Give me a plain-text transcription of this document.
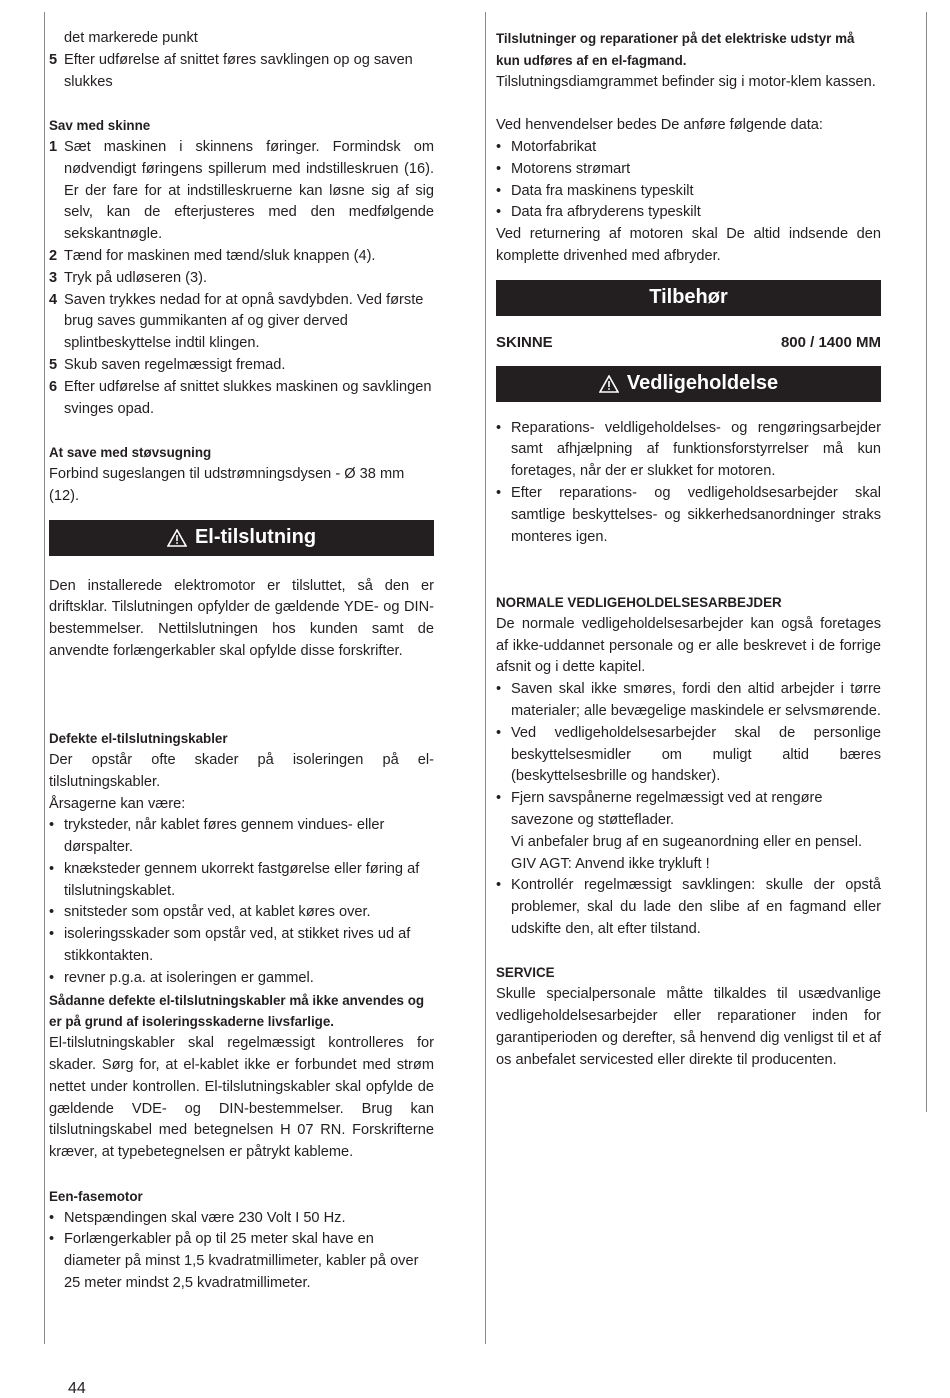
det markerede punkt

5 Efter udførelse af snittet føres savklingen op og saven slukkes

Sav med skinne

1 Sæt maskinen i skinnens føringer. Formindsk om nødvendigt føringens spillerum med indstilleskruen (16). Er der fare for at indstilleskruerne kan løsne sig af sig selv, kan de efterjusteres med den medfølgende sekskantnøgle.
2 Tænd for maskinen med tænd/sluk knappen (4).
3 Tryk på udløseren (3).
4 Saven trykkes nedad for at opnå savdybden. Ved første brug saves gummikanten af og giver derved splintbeskyttelse indtil klingen.
5 Skub saven regelmæssigt fremad.
6 Efter udførelse af snittet slukkes maskinen og savklingen svinges opad.

At save med støvsugning

Forbind sugeslangen til udstrømningsdysen - Ø 38 mm (12).

El-tilslutning

Den installerede elektromotor er tilsluttet, så den er driftsklar. Tilslutningen opfylder de gældende YDE- og DIN-bestemmelser. Nettilslutningen hos kunden samt de anvendte forlængerkabler skal opfylde disse forskrifter.

Defekte el-tilslutningskabler

Der opstår ofte skader på isoleringen på el-tilslutningskabler.

Årsagerne kan være:

• tryksteder, når kablet føres gennem vindues- eller dørspalter.
• knæksteder gennem ukorrekt fastgørelse eller føring af tilslutningskablet.
• snitsteder som opstår ved, at kablet køres over.
• isoleringsskader som opstår ved, at stikket rives ud af stikkontakten.
• revner p.g.a. at isoleringen er gammel.

Sådanne defekte el-tilslutningskabler må ikke anvendes og er på grund af isoleringsskaderne livsfarlige.

El-tilslutningskabler skal regelmæssigt kontrolleres for skader. Sørg for, at el-kablet ikke er forbundet med strøm nettet under kontrollen. El-tilslutningskabler skal opfylde de gældende VDE- og DIN-bestemmelser. Brug kan tilslutningskabel med betegnelsen H 07 RN. Forskrifterne kræver, at typebetegnelsen er påtrykt kableme.

Een-fasemotor

• Netspændingen skal være 230 Volt I 50 Hz.
• Forlængerkabler på op til 25 meter skal have en diameter på minst 1,5 kvadratmillimeter, kabler på over 25 meter mindst 2,5 kvadratmillimeter.

Tilslutninger og reparationer på det elektriske udstyr må kun udføres af en el-fagmand.

Tilslutningsdiamgrammet befinder sig i motor-klem kassen.

Ved henvendelser bedes De anføre følgende data:

• Motorfabrikat
• Motorens strømart
• Data fra maskinens typeskilt
• Data fra afbryderens typeskilt

Ved returnering af motoren skal De altid indsende den komplette drivenhed med afbryder.

Tilbehør
SKINNE	800 / 1400 MM
Vedligeholdelse
• Reparations- veldligeholdelses- og rengøringsarbejder samt afhjælpning af funktionsforstyrrelser må kun foretages, når der er slukket for motoren.
• Efter reparations- og vedligeholdsesarbejder skal samtlige beskyttelses- og sikkerhedsanordninger straks monteres igen.

NORMALE VEDLIGEHOLDELSESARBEJDER

De normale vedligeholdelsesarbejder kan også foretages af ikke-uddannet personale og er alle beskrevet i de forrige afsnit og i dette kapitel.

• Saven skal ikke smøres, fordi den altid arbejder i tørre materialer; alle bevægelige maskindele er selvsmørende.
• Ved vedligeholdelsesarbejder skal de personlige beskyttelsesmidler om muligt altid bæres (beskyttelsesbrille og handsker).
• Fjern savspånerne regelmæssigt ved at rengøre savezone og støtteflader.

Vi anbefaler brug af en sugeanordning eller en pensel.

GIV AGT: Anvend ikke trykluft !

• Kontrollér regelmæssigt savklingen: skulle der opstå problemer, skal du lade den slibe af en fagmand eller udskifte den, alt efter tilstand.

SERVICE

Skulle specialpersonale måtte tilkaldes til usædvanlige vedligeholdelsesarbejder eller reparationer inden for garantiperioden og derefter, så henvend dig venligst til et af os anbefalet servicested eller direkte til producenten.

44
